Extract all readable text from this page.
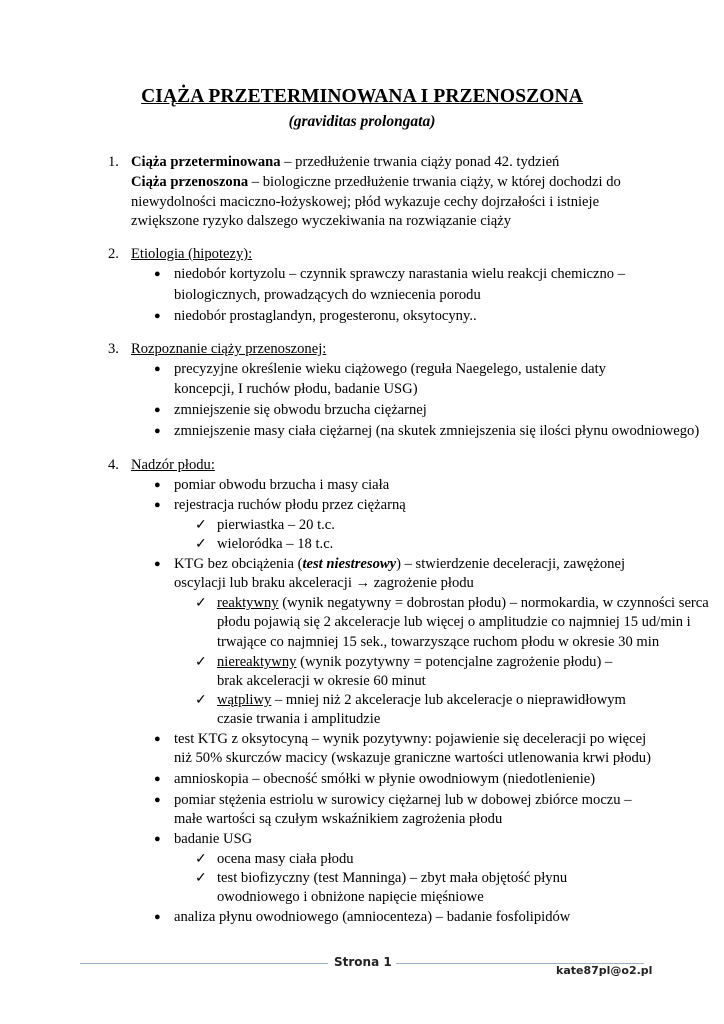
CIĄŻA PRZETERMINOWANA I PRZENOSZONA
(graviditas prolongata)
1. Ciąża przeterminowana – przedłużenie trwania ciąży ponad 42. tydzień
Ciąża przenoszona – biologiczne przedłużenie trwania ciąży, w której dochodzi do
niewydolności maciczno-łożyskowej; płód wykazuje cechy dojrzałości i istnieje
zwiększone ryzyko dalszego wyczekiwania na rozwiązanie ciąży
2. Etiologia (hipotezy):
● niedobór kortyzolu – czynnik sprawczy narastania wielu reakcji chemiczno –
biologicznych, prowadzących do wzniecenia porodu
● niedobór prostaglandyn, progesteronu, oksytocyny..
3. Rozpoznanie ciąży przenoszonej:
● precyzyjne określenie wieku ciążowego (reguła Naegelego, ustalenie daty
koncepcji, I ruchów płodu, badanie USG)
● zmniejszenie się obwodu brzucha ciężarnej
● zmniejszenie masy ciała ciężarnej (na skutek zmniejszenia się ilości płynu owodniowego)
4. Nadzór płodu:
● pomiar obwodu brzucha i masy ciała
● rejestracja ruchów płodu przez ciężarną
✓ pierwiastka – 20 t.c.
✓ wieloródka – 18 t.c.
● KTG bez obciążenia (test niestresowy) – stwierdzenie deceleracji, zawężonej
oscylacji lub braku akceleracji → zagrożenie płodu
✓ reaktywny (wynik negatywny = dobrostan płodu) – normokardia, w czynności serca
płodu pojawią się 2 akceleracje lub więcej o amplitudzie co najmniej 15 ud/min i
trwające co najmniej 15 sek., towarzyszące ruchom płodu w okresie 30 min
✓ niereaktywny (wynik pozytywny = potencjalne zagrożenie płodu) –
brak akceleracji w okresie 60 minut
✓ wątpliwy – mniej niż 2 akceleracje lub akceleracje o nieprawidłowym
czasie trwania i amplitudzie
● test KTG z oksytocyną – wynik pozytywny: pojawienie się deceleracji po więcej
niż 50% skurczów macicy (wskazuje graniczne wartości utlenowania krwi płodu)
● amnioskopia – obecność smółki w płynie owodniowym (niedotlenienie)
● pomiar stężenia estriolu w surowicy ciężarnej lub w dobowej zbiórce moczu –
małe wartości są czułym wskaźnikiem zagrożenia płodu
● badanie USG
✓ ocena masy ciała płodu
✓ test biofizyczny (test Manninga) – zbyt mała objętość płynu
owodniowego i obniżone napięcie mięśniowe
● analiza płynu owodniowego (amniocenteza) – badanie fosfolipidów
Strona 1
kate87pl@o2.pl
